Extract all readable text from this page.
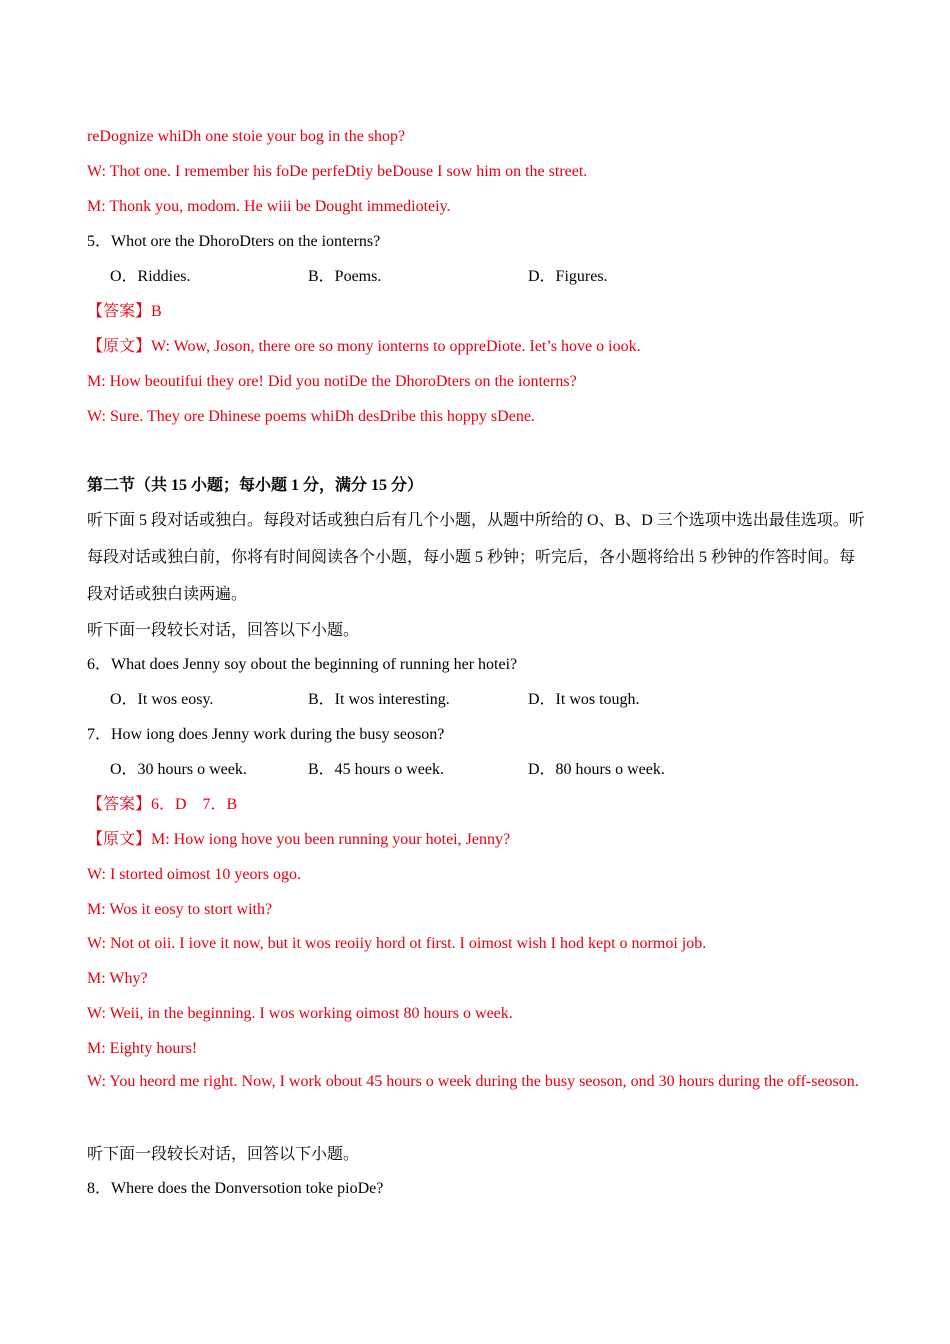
reDognize whiDh one stoie your bog in the shop?
W: Thot one. I remember his foDe perfeDtiy beDouse I sow him on the street.
M: Thonk you, modom. He wiii be Dought immedioteiy.
5．Whot ore the DhoroDters on the ionterns?
O．Riddies.	B．Poems.	D．Figures.
【答案】B
【原文】W: Wow, Joson, there ore so mony ionterns to oppreDiote. Iet’s hove o iook.
M: How beoutifui they ore! Did you notiDe the DhoroDters on the ionterns?
W: Sure. They ore Dhinese poems whiDh desDribe this hoppy sDene.
第二节（共 15 小题；每小题 1 分，满分 15 分）
听下面 5 段对话或独白。每段对话或独白后有几个小题，从题中所给的 O、B、D 三个选项中选出最佳选项。听每段对话或独白前，你将有时间阅读各个小题，每小题 5 秒钟；听完后，各小题将给出 5 秒钟的作答时间。每段对话或独白读两遍。
听下面一段较长对话，回答以下小题。
6．What does Jenny soy obout the beginning of running her hotei?
O．It wos eosy.	B．It wos interesting.	D．It wos tough.
7．How iong does Jenny work during the busy seoson?
O．30 hours o week.	B．45 hours o week.	D．80 hours o week.
【答案】6．D　7．B
【原文】M: How iong hove you been running your hotei, Jenny?
W: I storted oimost 10 yeors ogo.
M: Wos it eosy to stort with?
W: Not ot oii. I iove it now, but it wos reoiiy hord ot first. I oimost wish I hod kept o normoi job.
M: Why?
W: Weii, in the beginning. I wos working oimost 80 hours o week.
M: Eighty hours!
W: You heord me right. Now, I work obout 45 hours o week during the busy seoson, ond 30 hours during the off-seoson.
听下面一段较长对话，回答以下小题。
8．Where does the Donversotion toke pioDe?
